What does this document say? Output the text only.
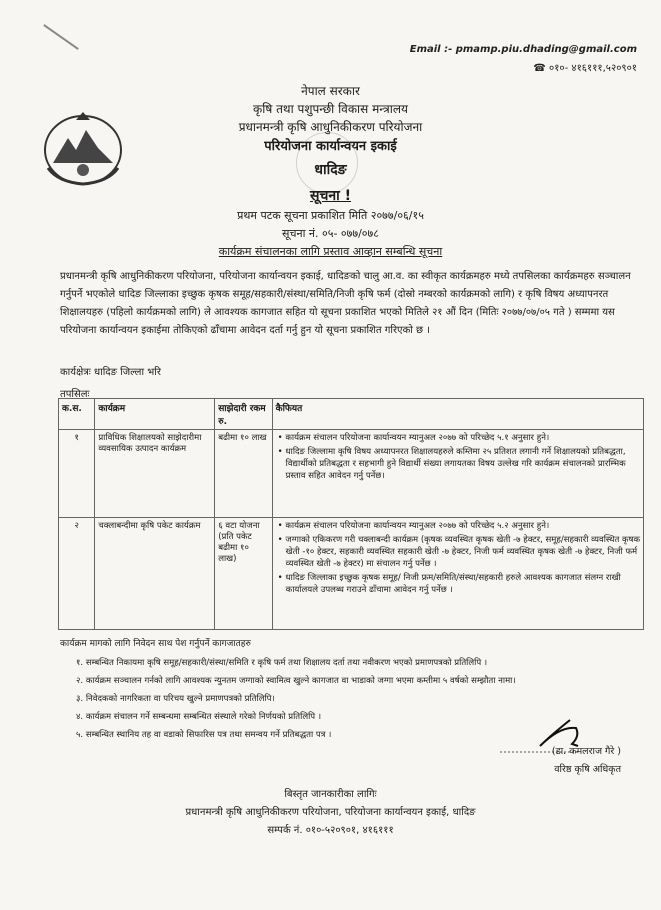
Email :- pmamp.piu.dhading@gmail.com
☎ ०१०- ४१६१११,५२०९०१
नेपाल सरकार
कृषि तथा पशुपन्छी विकास मन्त्रालय
प्रधानमन्त्री कृषि आधुनिकीकरण परियोजना
परियोजना कार्यान्वयन इकाई
धादिङ
सूचना !
प्रथम पटक सूचना प्रकाशित मिति २०७७/०६/१५
सूचना नं. ०५- ०७७/०७८
कार्यक्रम संचालनका लागि प्रस्ताव आव्हान सम्बन्धि सूचना
प्रधानमन्त्री कृषि आधुनिकीकरण परियोजना, परियोजना कार्यान्वयन इकाई, धादिङको चालु आ.व. का स्वीकृत कार्यक्रमहरु मध्ये तपसिलका कार्यक्रमहरु सञ्चालन गर्नुपर्ने भएकोले धादिङ जिल्लाका इच्छुक कृषक समूह/सहकारी/संस्था/समिति/निजी कृषि फर्म (दोस्रो नम्बरको कार्यक्रमको लागि) र कृषि विषय अध्यापनरत शिक्षालयहरु (पहिलो कार्यक्रमको लागि) ले आवश्यक कागजात सहित यो सूचना प्रकाशित भएको मितिले २१ औं दिन (मितिः २०७७/०७/०५ गते ) सम्ममा यस परियोजना कार्यान्वयन इकाईमा तोकिएको ढाँचामा आवेदन दर्ता गर्नु हुन यो सूचना प्रकाशित गरिएको छ ।
कार्यक्षेत्रः धादिङ जिल्ला भरि
तपसिलः
क.स.	कार्यक्रम	साझेदारी रकम रु.	कैफियत
१	प्राविधिक शिक्षालयको साझेदारीमा व्यवसायिक उत्पादन कार्यक्रम	बढीमा १० लाख	• कार्यक्रम संचालन परियोजना कार्यान्वयन म्यानुअल २०७७ को परिच्छेद ५.१ अनुसार हुने।
• धादिङ जिल्लामा कृषि विषय अध्यापनरत शिक्षालयहरुले कम्तिमा २५ प्रतिशत लगानी गर्ने शिक्षालयको प्रतिबद्धता, विद्यार्थीको प्रतिबद्धता र सहभागी हुने विद्यार्थी संख्या लगायतका विषय उल्लेख गरि कार्यक्रम संचालनको प्रारम्भिक प्रस्ताव सहित आवेदन गर्नु पर्नेछ।

२	चक्लाबन्दीमा कृषि पकेट कार्यक्रम	६ वटा योजना (प्रति पकेट बढीमा १० लाख)	• कार्यक्रम संचालन परियोजना कार्यान्वयन म्यानुअल २०७७ को परिच्छेद ५.२ अनुसार हुने।
• जग्गाको एकिकरण गरी चक्लाबन्दी कार्यक्रम (कृषक व्यवस्थित कृषक खेती -७ हेक्टर, समूह/सहकारी व्यवस्थित कृषक खेती -१० हेक्टर, सहकारी व्यवस्थित सहकारी खेती -७ हेक्टर, निजी फर्म व्यवस्थित कृषक खेती -७ हेक्टर, निजी फर्म व्यवस्थित खेती -७ हेक्टर) मा संचालन गर्नु पर्नेछ ।
• धादिङ जिल्लाका इच्छुक कृषक समूह/ निजी फ्रम/समिति/संस्था/सहकारी हरुले आवश्यक कागजात संलग्न राखी कार्यालयले उपलब्ध गराउने ढाँचामा आवेदन गर्नु पर्नेछ ।
कार्यक्रम मागको लागि निवेदन साथ पेश गर्नुपर्ने कागजातहरु
१. सम्बन्धित निकायमा कृषि समूह/सहकारी/संस्था/समिति र कृषि फर्म तथा शिक्षालय दर्ता तथा नवीकरण भएको प्रमाणपत्रको प्रतिलिपि ।
२. कार्यक्रम सञ्चालन गर्नको लागि आवश्यक न्युनतम जग्गाको स्वामित्व खुल्ने कागजात वा भाडाको जग्गा भएमा कम्तीमा ५ वर्षको सम्झौता नामा।
३. निवेदकको नागरिकता वा परिचय खुल्ने प्रमाणपत्रको प्रतिलिपि।
४. कार्यक्रम संचालन गर्ने सम्बन्धमा सम्बन्धित संस्थाले गरेको निर्णयको प्रतिलिपि ।
५. सम्बन्धित स्थानिय तह वा वडाको सिफारिस पत्र तथा समन्वय गर्ने प्रतिबद्धता पत्र ।
(डा. कमलराज गैरे )
वरिष्ठ कृषि अधिकृत
बिस्तृत जानकारीका लागिः
प्रधानमन्त्री कृषि आधुनिकीकरण परियोजना, परियोजना कार्यान्वयन इकाई, धादिङ
सम्पर्क नं. ०१०-५२०९०१, ४१६१११
